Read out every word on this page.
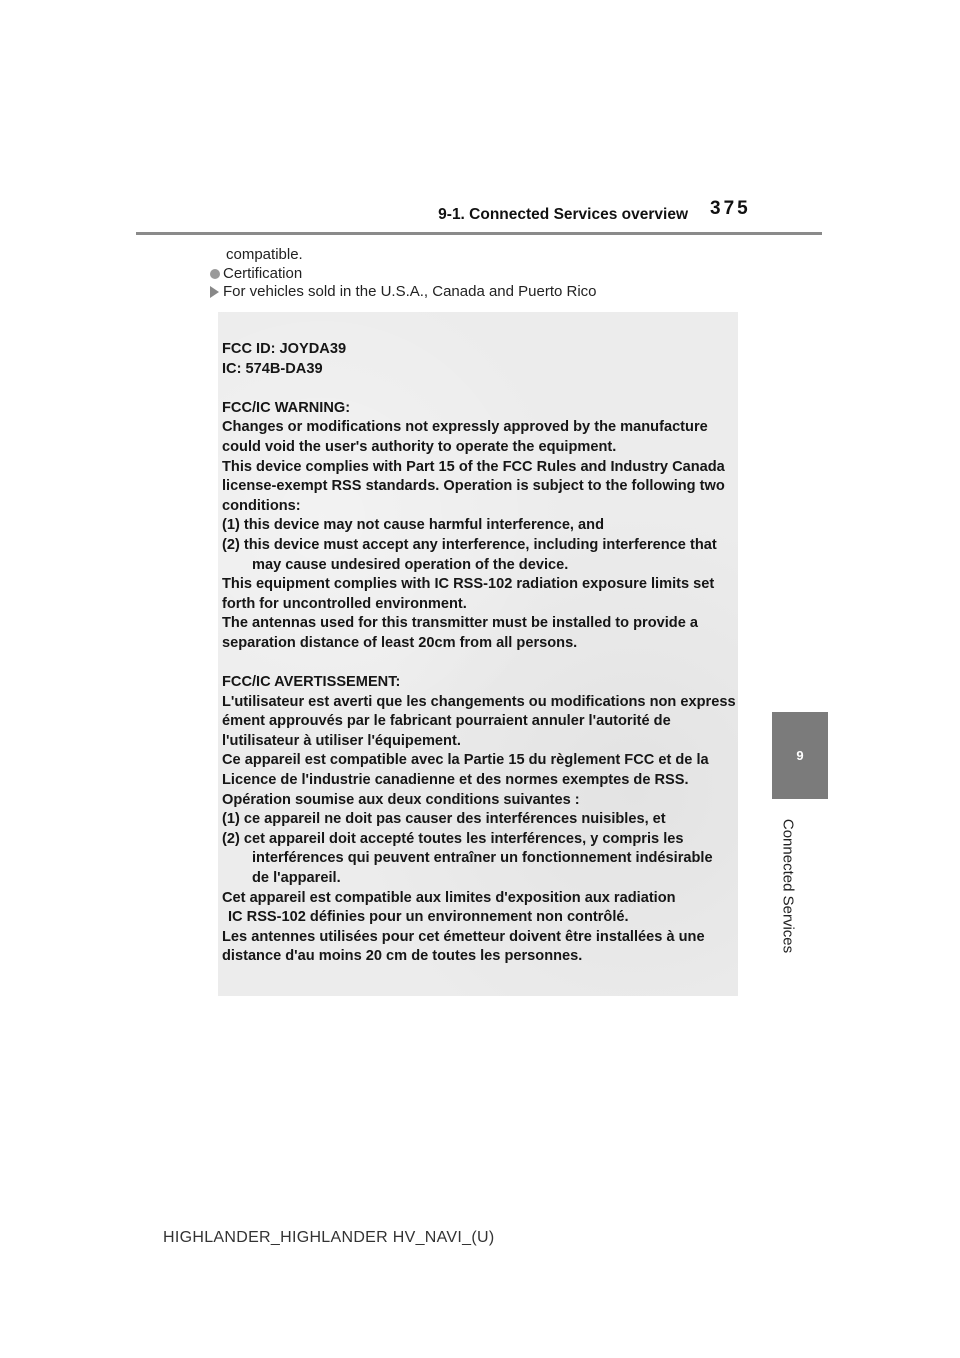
9-1. Connected Services overview 375
9
Connected Services
compatible.
Certification
For vehicles sold in the U.S.A., Canada and Puerto Rico
FCC ID: JOYDA39
IC: 574B-DA39
FCC/IC WARNING:
Changes or modifications not expressly approved by the manufacture
could void the user's authority to operate the equipment.
This device complies with Part 15 of the FCC Rules and Industry Canada
license-exempt RSS standards. Operation is subject to the following two
conditions:
(1) this device may not cause harmful interference, and
(2) this device must accept any interference, including interference that
may cause undesired operation of the device.
This equipment complies with IC RSS-102 radiation exposure limits set
forth for uncontrolled environment.
The antennas used for this transmitter must be installed to provide a
separation distance of least 20cm from all persons.
FCC/IC AVERTISSEMENT:
L'utilisateur est averti que les changements ou modifications non express
ément approuvés par le fabricant pourraient annuler l'autorité de
l'utilisateur à utiliser l'équipement.
Ce appareil est compatible avec la Partie 15 du règlement FCC et de la
Licence de l'industrie canadienne et des normes exemptes de RSS.
Opération soumise aux deux conditions suivantes :
(1) ce appareil ne doit pas causer des interférences nuisibles, et
(2) cet appareil doit accepté toutes les interférences, y compris les
interférences qui peuvent entraîner un fonctionnement indésirable
de l'appareil.
Cet appareil est compatible aux limites d'exposition aux radiation
IC RSS-102 définies pour un environnement non contrôlé.
Les antennes utilisées pour cet émetteur doivent être installées à une
distance d'au moins 20 cm de toutes les personnes.
HIGHLANDER_HIGHLANDER HV_NAVI_(U)
